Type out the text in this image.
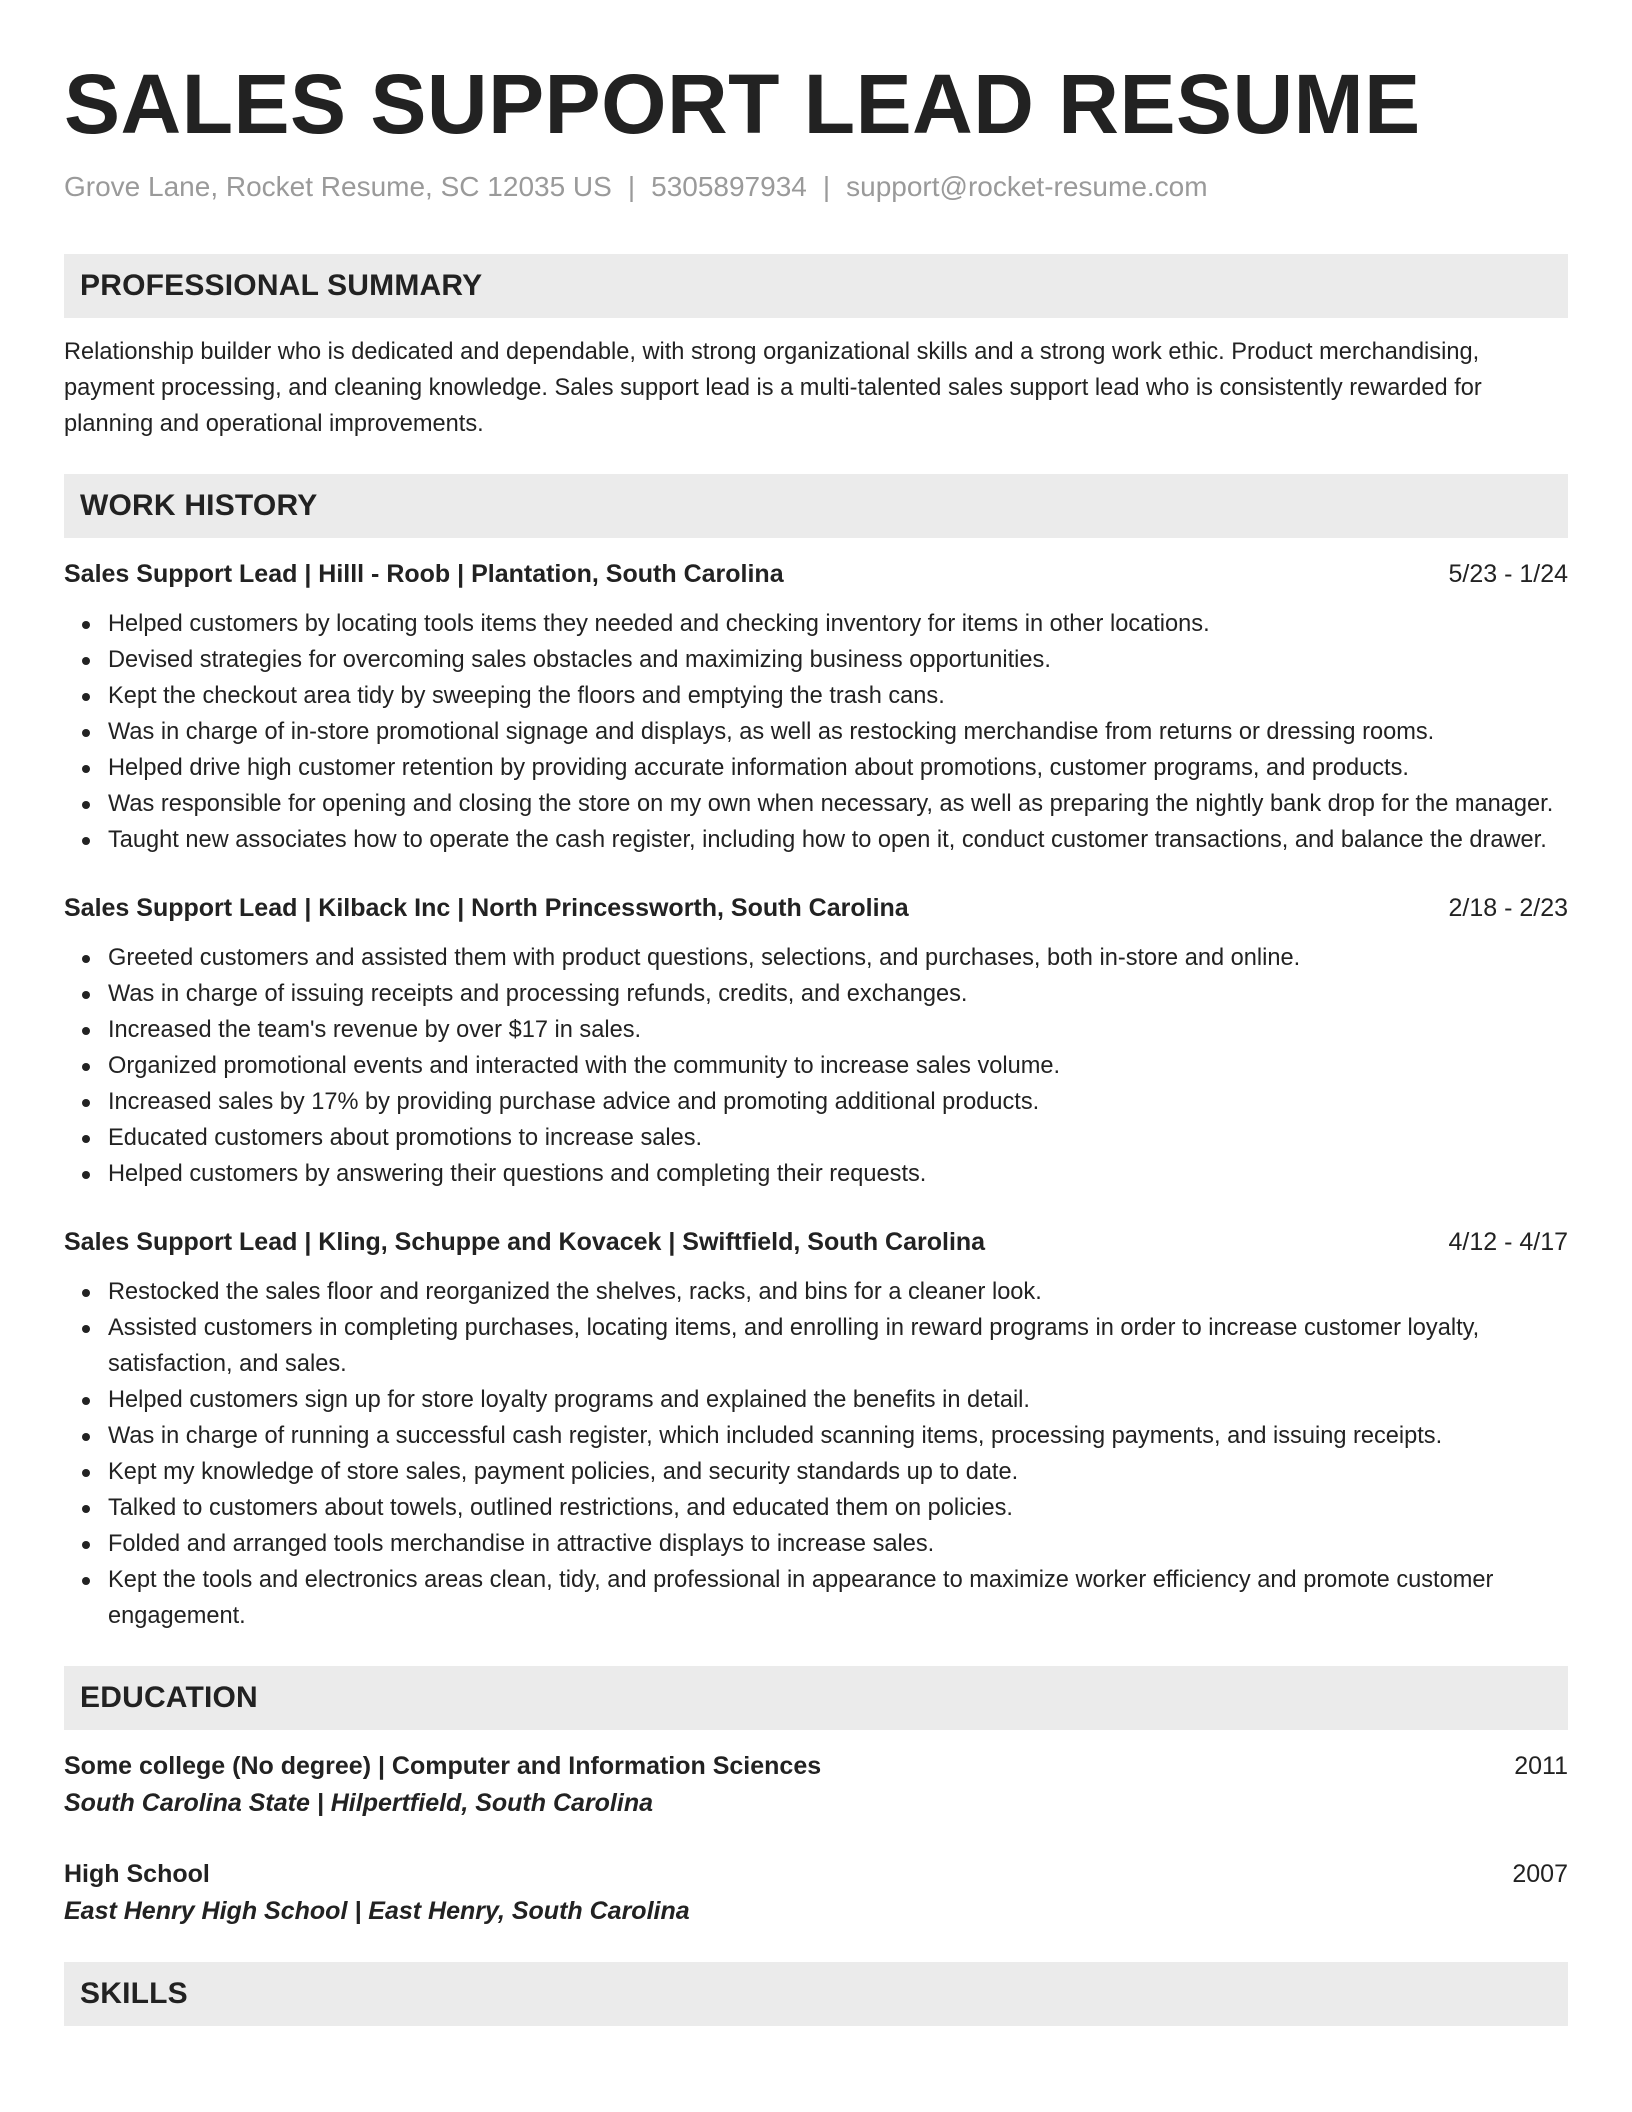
SALES SUPPORT LEAD RESUME
Grove Lane, Rocket Resume, SC 12035 US | 5305897934 | support@rocket-resume.com
PROFESSIONAL SUMMARY
Relationship builder who is dedicated and dependable, with strong organizational skills and a strong work ethic. Product merchandising, payment processing, and cleaning knowledge. Sales support lead is a multi-talented sales support lead who is consistently rewarded for planning and operational improvements.
WORK HISTORY
Sales Support Lead | Hilll - Roob | Plantation, South Carolina	5/23 - 1/24
Helped customers by locating tools items they needed and checking inventory for items in other locations.
Devised strategies for overcoming sales obstacles and maximizing business opportunities.
Kept the checkout area tidy by sweeping the floors and emptying the trash cans.
Was in charge of in-store promotional signage and displays, as well as restocking merchandise from returns or dressing rooms.
Helped drive high customer retention by providing accurate information about promotions, customer programs, and products.
Was responsible for opening and closing the store on my own when necessary, as well as preparing the nightly bank drop for the manager.
Taught new associates how to operate the cash register, including how to open it, conduct customer transactions, and balance the drawer.
Sales Support Lead | Kilback Inc | North Princessworth, South Carolina	2/18 - 2/23
Greeted customers and assisted them with product questions, selections, and purchases, both in-store and online.
Was in charge of issuing receipts and processing refunds, credits, and exchanges.
Increased the team's revenue by over $17 in sales.
Organized promotional events and interacted with the community to increase sales volume.
Increased sales by 17% by providing purchase advice and promoting additional products.
Educated customers about promotions to increase sales.
Helped customers by answering their questions and completing their requests.
Sales Support Lead | Kling, Schuppe and Kovacek | Swiftfield, South Carolina	4/12 - 4/17
Restocked the sales floor and reorganized the shelves, racks, and bins for a cleaner look.
Assisted customers in completing purchases, locating items, and enrolling in reward programs in order to increase customer loyalty, satisfaction, and sales.
Helped customers sign up for store loyalty programs and explained the benefits in detail.
Was in charge of running a successful cash register, which included scanning items, processing payments, and issuing receipts.
Kept my knowledge of store sales, payment policies, and security standards up to date.
Talked to customers about towels, outlined restrictions, and educated them on policies.
Folded and arranged tools merchandise in attractive displays to increase sales.
Kept the tools and electronics areas clean, tidy, and professional in appearance to maximize worker efficiency and promote customer engagement.
EDUCATION
Some college (No degree) | Computer and Information Sciences	2011
South Carolina State | Hilpertfield, South Carolina
High School	2007
East Henry High School | East Henry, South Carolina
SKILLS
